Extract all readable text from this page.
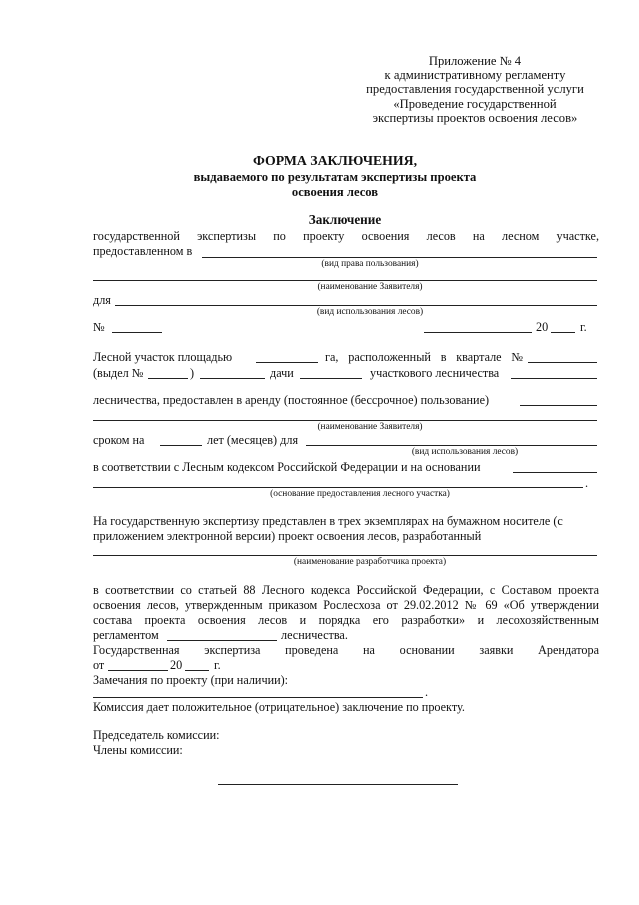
Приложение № 4
к административному регламенту
предоставления государственной услуги
«Проведение государственной
экспертизы проектов освоения лесов»
ФОРМА ЗАКЛЮЧЕНИЯ,
выдаваемого по результатам экспертизы проекта
освоения лесов
Заключение
государственной экспертизы по проекту освоения лесов на лесном участке,
предоставленном в
(вид права пользования)
(наименование Заявителя)
для
(вид использования лесов)
№	20	г.
Лесной участок площадью	га, расположенный в квартале №
(выдел №	)	дачи	участкового лесничества
лесничества, предоставлен в аренду (постоянное (бессрочное) пользование)
(наименование Заявителя)
сроком на	лет (месяцев) для
(вид использования лесов)
в соответствии с Лесным кодексом Российской Федерации и на основании
.
(основание предоставления лесного участка)
На государственную экспертизу представлен в трех экземплярах на бумажном носителе (с
приложением электронной версии) проект освоения лесов, разработанный
(наименование разработчика проекта)
в соответствии со статьей 88 Лесного кодекса Российской Федерации, с Составом проекта
освоения лесов, утвержденным приказом Рослесхоза от 29.02.2012 № 69 «Об утверждении
состава проекта освоения лесов и порядка его разработки» и лесохозяйственным
регламентом	лесничества.
Государственная экспертиза проведена на основании заявки Арендатора
от	20	г.
Замечания по проекту (при наличии):
.
Комиссия дает положительное (отрицательное) заключение по проекту.
Председатель комиссии:
Члены комиссии:
